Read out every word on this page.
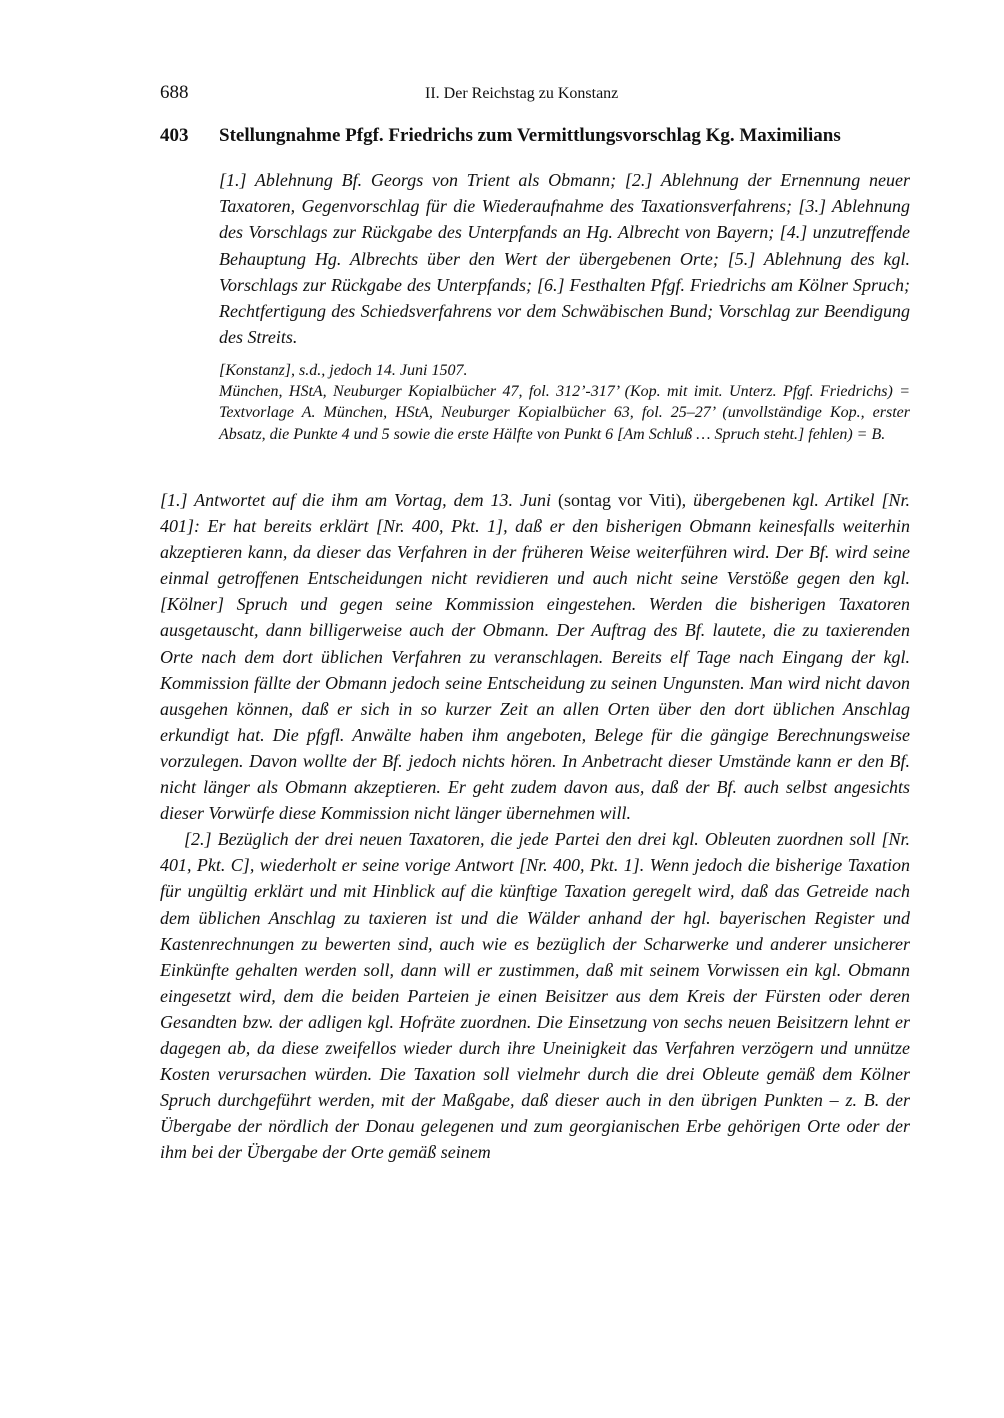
688	II. Der Reichstag zu Konstanz
403 Stellungnahme Pfgf. Friedrichs zum Vermittlungsvorschlag Kg. Maximilians

[1.] Ablehnung Bf. Georgs von Trient als Obmann; [2.] Ablehnung der Ernennung neuer Taxatoren, Gegenvorschlag für die Wiederaufnahme des Taxationsverfahrens; [3.] Ablehnung des Vorschlags zur Rückgabe des Unterpfands an Hg. Albrecht von Bayern; [4.] unzutreffende Behauptung Hg. Albrechts über den Wert der übergebenen Orte; [5.] Ablehnung des kgl. Vorschlags zur Rückgabe des Unterpfands; [6.] Festhalten Pfgf. Friedrichs am Kölner Spruch; Rechtfertigung des Schiedsverfahrens vor dem Schwäbischen Bund; Vorschlag zur Beendigung des Streits.

[Konstanz], s.d., jedoch 14. Juni 1507.

München, HStA, Neuburger Kopialbücher 47, fol. 312’-317’ (Kop. mit imit. Unterz. Pfgf. Friedrichs) = Textvorlage A. München, HStA, Neuburger Kopialbücher 63, fol. 25–27’ (unvollständige Kop., erster Absatz, die Punkte 4 und 5 sowie die erste Hälfte von Punkt 6 [Am Schluß … Spruch steht.] fehlen) = B.

[1.] Antwortet auf die ihm am Vortag, dem 13. Juni (sontag vor Viti), übergebenen kgl. Artikel [Nr. 401]: Er hat bereits erklärt [Nr. 400, Pkt. 1], daß er den bisherigen Obmann keinesfalls weiterhin akzeptieren kann, da dieser das Verfahren in der früheren Weise weiterführen wird. Der Bf. wird seine einmal getroffenen Entscheidungen nicht revidieren und auch nicht seine Verstöße gegen den kgl. [Kölner] Spruch und gegen seine Kommission eingestehen. Werden die bisherigen Taxatoren ausgetauscht, dann billigerweise auch der Obmann. Der Auftrag des Bf. lautete, die zu taxierenden Orte nach dem dort üblichen Verfahren zu veranschlagen. Bereits elf Tage nach Eingang der kgl. Kommission fällte der Obmann jedoch seine Entscheidung zu seinen Ungunsten. Man wird nicht davon ausgehen können, daß er sich in so kurzer Zeit an allen Orten über den dort üblichen Anschlag erkundigt hat. Die pfgfl. Anwälte haben ihm angeboten, Belege für die gängige Berechnungsweise vorzulegen. Davon wollte der Bf. jedoch nichts hören. In Anbetracht dieser Umstände kann er den Bf. nicht länger als Obmann akzeptieren. Er geht zudem davon aus, daß der Bf. auch selbst angesichts dieser Vorwürfe diese Kommission nicht länger übernehmen will.

[2.] Bezüglich der drei neuen Taxatoren, die jede Partei den drei kgl. Obleuten zuordnen soll [Nr. 401, Pkt. C], wiederholt er seine vorige Antwort [Nr. 400, Pkt. 1]. Wenn jedoch die bisherige Taxation für ungültig erklärt und mit Hinblick auf die künftige Taxation geregelt wird, daß das Getreide nach dem üblichen Anschlag zu taxieren ist und die Wälder anhand der hgl. bayerischen Register und Kastenrechnungen zu bewerten sind, auch wie es bezüglich der Scharwerke und anderer unsicherer Einkünfte gehalten werden soll, dann will er zustimmen, daß mit seinem Vorwissen ein kgl. Obmann eingesetzt wird, dem die beiden Parteien je einen Beisitzer aus dem Kreis der Fürsten oder deren Gesandten bzw. der adligen kgl. Hofräte zuordnen. Die Einsetzung von sechs neuen Beisitzern lehnt er dagegen ab, da diese zweifellos wieder durch ihre Uneinigkeit das Verfahren verzögern und unnütze Kosten verursachen würden. Die Taxation soll vielmehr durch die drei Obleute gemäß dem Kölner Spruch durchgeführt werden, mit der Maßgabe, daß dieser auch in den übrigen Punkten – z. B. der Übergabe der nördlich der Donau gelegenen und zum georgianischen Erbe gehörigen Orte oder der ihm bei der Übergabe der Orte gemäß seinem
